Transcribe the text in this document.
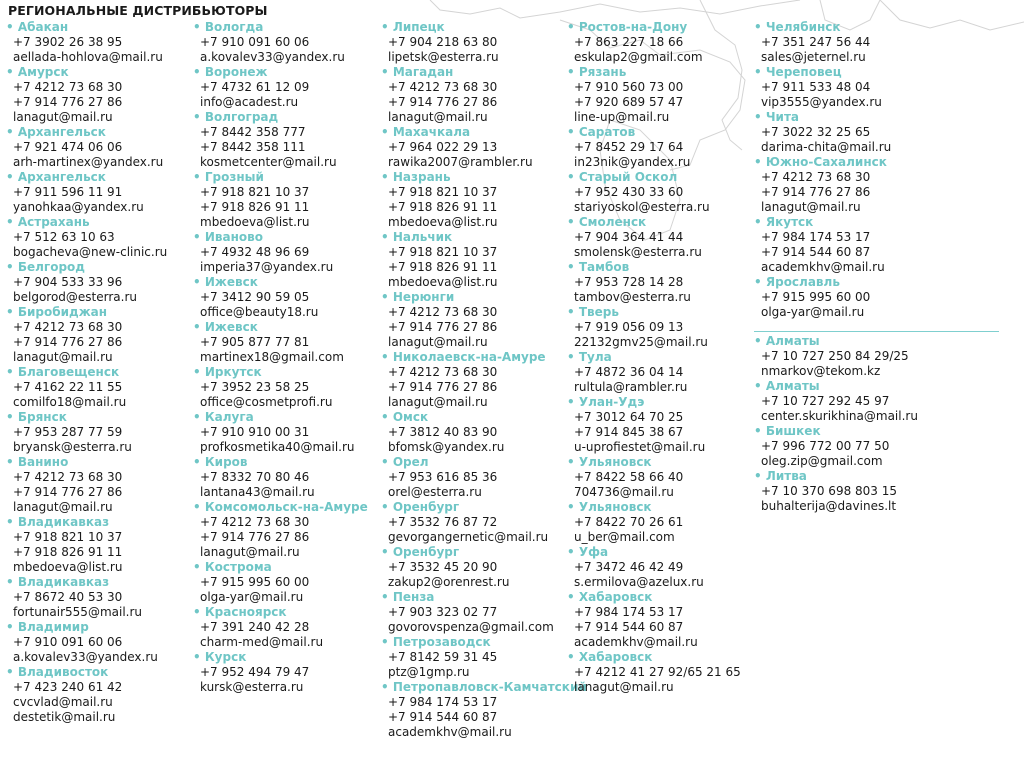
РЕГИОНАЛЬНЫЕ ДИСТРИБЬЮТОРЫ
• Абакан
+7 3902 26 38 95
aellada-hohlova@mail.ru
• Амурск
+7 4212 73 68 30
+7 914 776 27 86
lanagut@mail.ru
• Архангельск
+7 921 474 06 06
arh-martinex@yandex.ru
• Архангельск
+7 911 596 11 91
yanohkaa@yandex.ru
• Астрахань
+7 512 63 10 63
bogacheva@new-clinic.ru
• Белгород
+7 904 533 33 96
belgorod@esterra.ru
• Биробиджан
+7 4212 73 68 30
+7 914 776 27 86
lanagut@mail.ru
• Благовещенск
+7 4162 22 11 55
comilfo18@mail.ru
• Брянск
+7 953 287 77 59
bryansk@esterra.ru
• Ванино
+7 4212 73 68 30
+7 914 776 27 86
lanagut@mail.ru
• Владикавказ
+7 918 821 10 37
+7 918 826 91 11
mbedoeva@list.ru
• Владикавказ
+7 8672 40 53 30
fortunair555@mail.ru
• Владимир
+7 910 091 60 06
a.kovalev33@yandex.ru
• Владивосток
+7 423 240 61 42
cvcvlad@mail.ru
destetik@mail.ru
• Вологда
+7 910 091 60 06
a.kovalev33@yandex.ru
• Воронеж
+7 4732 61 12 09
info@acadest.ru
• Волгоград
+7 8442 358 777
+7 8442 358 111
kosmetcenter@mail.ru
• Грозный
+7 918 821 10 37
+7 918 826 91 11
mbedoeva@list.ru
• Иваново
+7 4932 48 96 69
imperia37@yandex.ru
• Ижевск
+7 3412 90 59 05
office@beauty18.ru
• Ижевск
+7 905 877 77 81
martinex18@gmail.com
• Иркутск
+7 3952 23 58 25
office@cosmetprofi.ru
• Калуга
+7 910 910 00 31
profkosmetika40@mail.ru
• Киров
+7 8332 70 80 46
lantana43@mail.ru
• Комсомольск-на-Амуре
+7 4212 73 68 30
+7 914 776 27 86
lanagut@mail.ru
• Кострома
+7 915 995 60 00
olga-yar@mail.ru
• Красноярск
+7 391 240 42 28
charm-med@mail.ru
• Курск
+7 952 494 79 47
kursk@esterra.ru
• Липецк
+7 904 218 63 80
lipetsk@esterra.ru
• Магадан
+7 4212 73 68 30
+7 914 776 27 86
lanagut@mail.ru
• Махачкала
+7 964 022 29 13
rawika2007@rambler.ru
• Назрань
+7 918 821 10 37
+7 918 826 91 11
mbedoeva@list.ru
• Нальчик
+7 918 821 10 37
+7 918 826 91 11
mbedoeva@list.ru
• Нерюнги
+7 4212 73 68 30
+7 914 776 27 86
lanagut@mail.ru
• Николаевск-на-Амуре
+7 4212 73 68 30
+7 914 776 27 86
lanagut@mail.ru
• Омск
+7 3812 40 83 90
bfomsk@yandex.ru
• Орел
+7 953 616 85 36
orel@esterra.ru
• Оренбург
+7 3532 76 87 72
gevorgangernetic@mail.ru
• Оренбург
+7 3532 45 20 90
zakup2@orenrest.ru
• Пенза
+7 903 323 02 77
govorovspenza@gmail.com
• Петрозаводск
+7 8142 59 31 45
ptz@1gmp.ru
• Петропавловск-Камчатский
+7 984 174 53 17
+7 914 544 60 87
academkhv@mail.ru
• Ростов-на-Дону
+7 863 227 18 66
eskulap2@gmail.com
• Рязань
+7 910 560 73 00
+7 920 689 57 47
line-up@mail.ru
• Саратов
+7 8452 29 17 64
in23nik@yandex.ru
• Старый Оскол
+7 952 430 33 60
stariyoskol@esterra.ru
• Смоленск
+7 904 364 41 44
smolensk@esterra.ru
• Тамбов
+7 953 728 14 28
tambov@esterra.ru
• Тверь
+7 919 056 09 13
22132gmv25@mail.ru
• Тула
+7 4872 36 04 14
rultula@rambler.ru
• Улан-Удэ
+7 3012 64 70 25
+7 914 845 38 67
u-uprofiestet@mail.ru
• Ульяновск
+7 8422 58 66 40
704736@mail.ru
• Ульяновск
+7 8422 70 26 61
u_ber@mail.com
• Уфа
+7 3472 46 42 49
s.ermilova@azelux.ru
• Хабаровск
+7 984 174 53 17
+7 914 544 60 87
academkhv@mail.ru
• Хабаровск
+7 4212 41 27 92/65 21 65
lanagut@mail.ru
• Челябинск
+7 351 247 56 44
sales@jeternel.ru
• Череповец
+7 911 533 48 04
vip3555@yandex.ru
• Чита
+7 3022 32 25 65
darima-chita@mail.ru
• Южно-Сахалинск
+7 4212 73 68 30
+7 914 776 27 86
lanagut@mail.ru
• Якутск
+7 984 174 53 17
+7 914 544 60 87
academkhv@mail.ru
• Ярославль
+7 915 995 60 00
olga-yar@mail.ru
• Алматы
+7 10 727 250 84 29/25
nmarkov@tekom.kz
• Алматы
+7 10 727 292 45 97
center.skurikhina@mail.ru
• Бишкек
+7 996 772 00 77 50
oleg.zip@gmail.com
• Литва
+7 10 370 698 803 15
buhalterija@davines.lt
